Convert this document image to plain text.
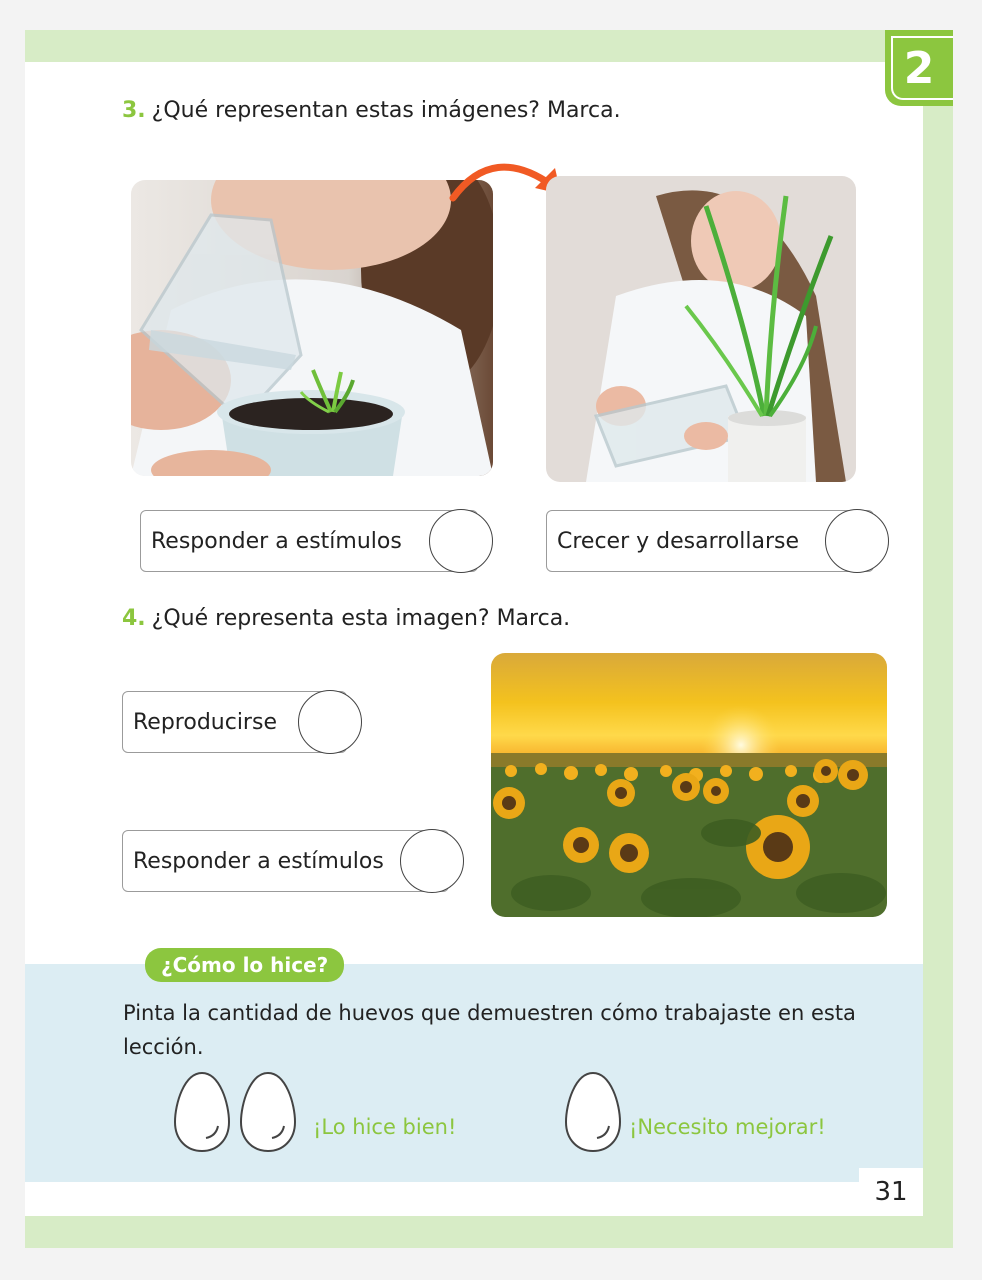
2
3. ¿Qué representan estas imágenes? Marca.
Responder a estímulos	Crecer y desarrollarse
4. ¿Qué representa esta imagen? Marca.
Reproducirse
Responder a estímulos
¿Cómo lo hice?
Pinta la cantidad de huevos que demuestren cómo trabajaste en esta lección.
¡Lo hice bien!	¡Necesito mejorar!
31
